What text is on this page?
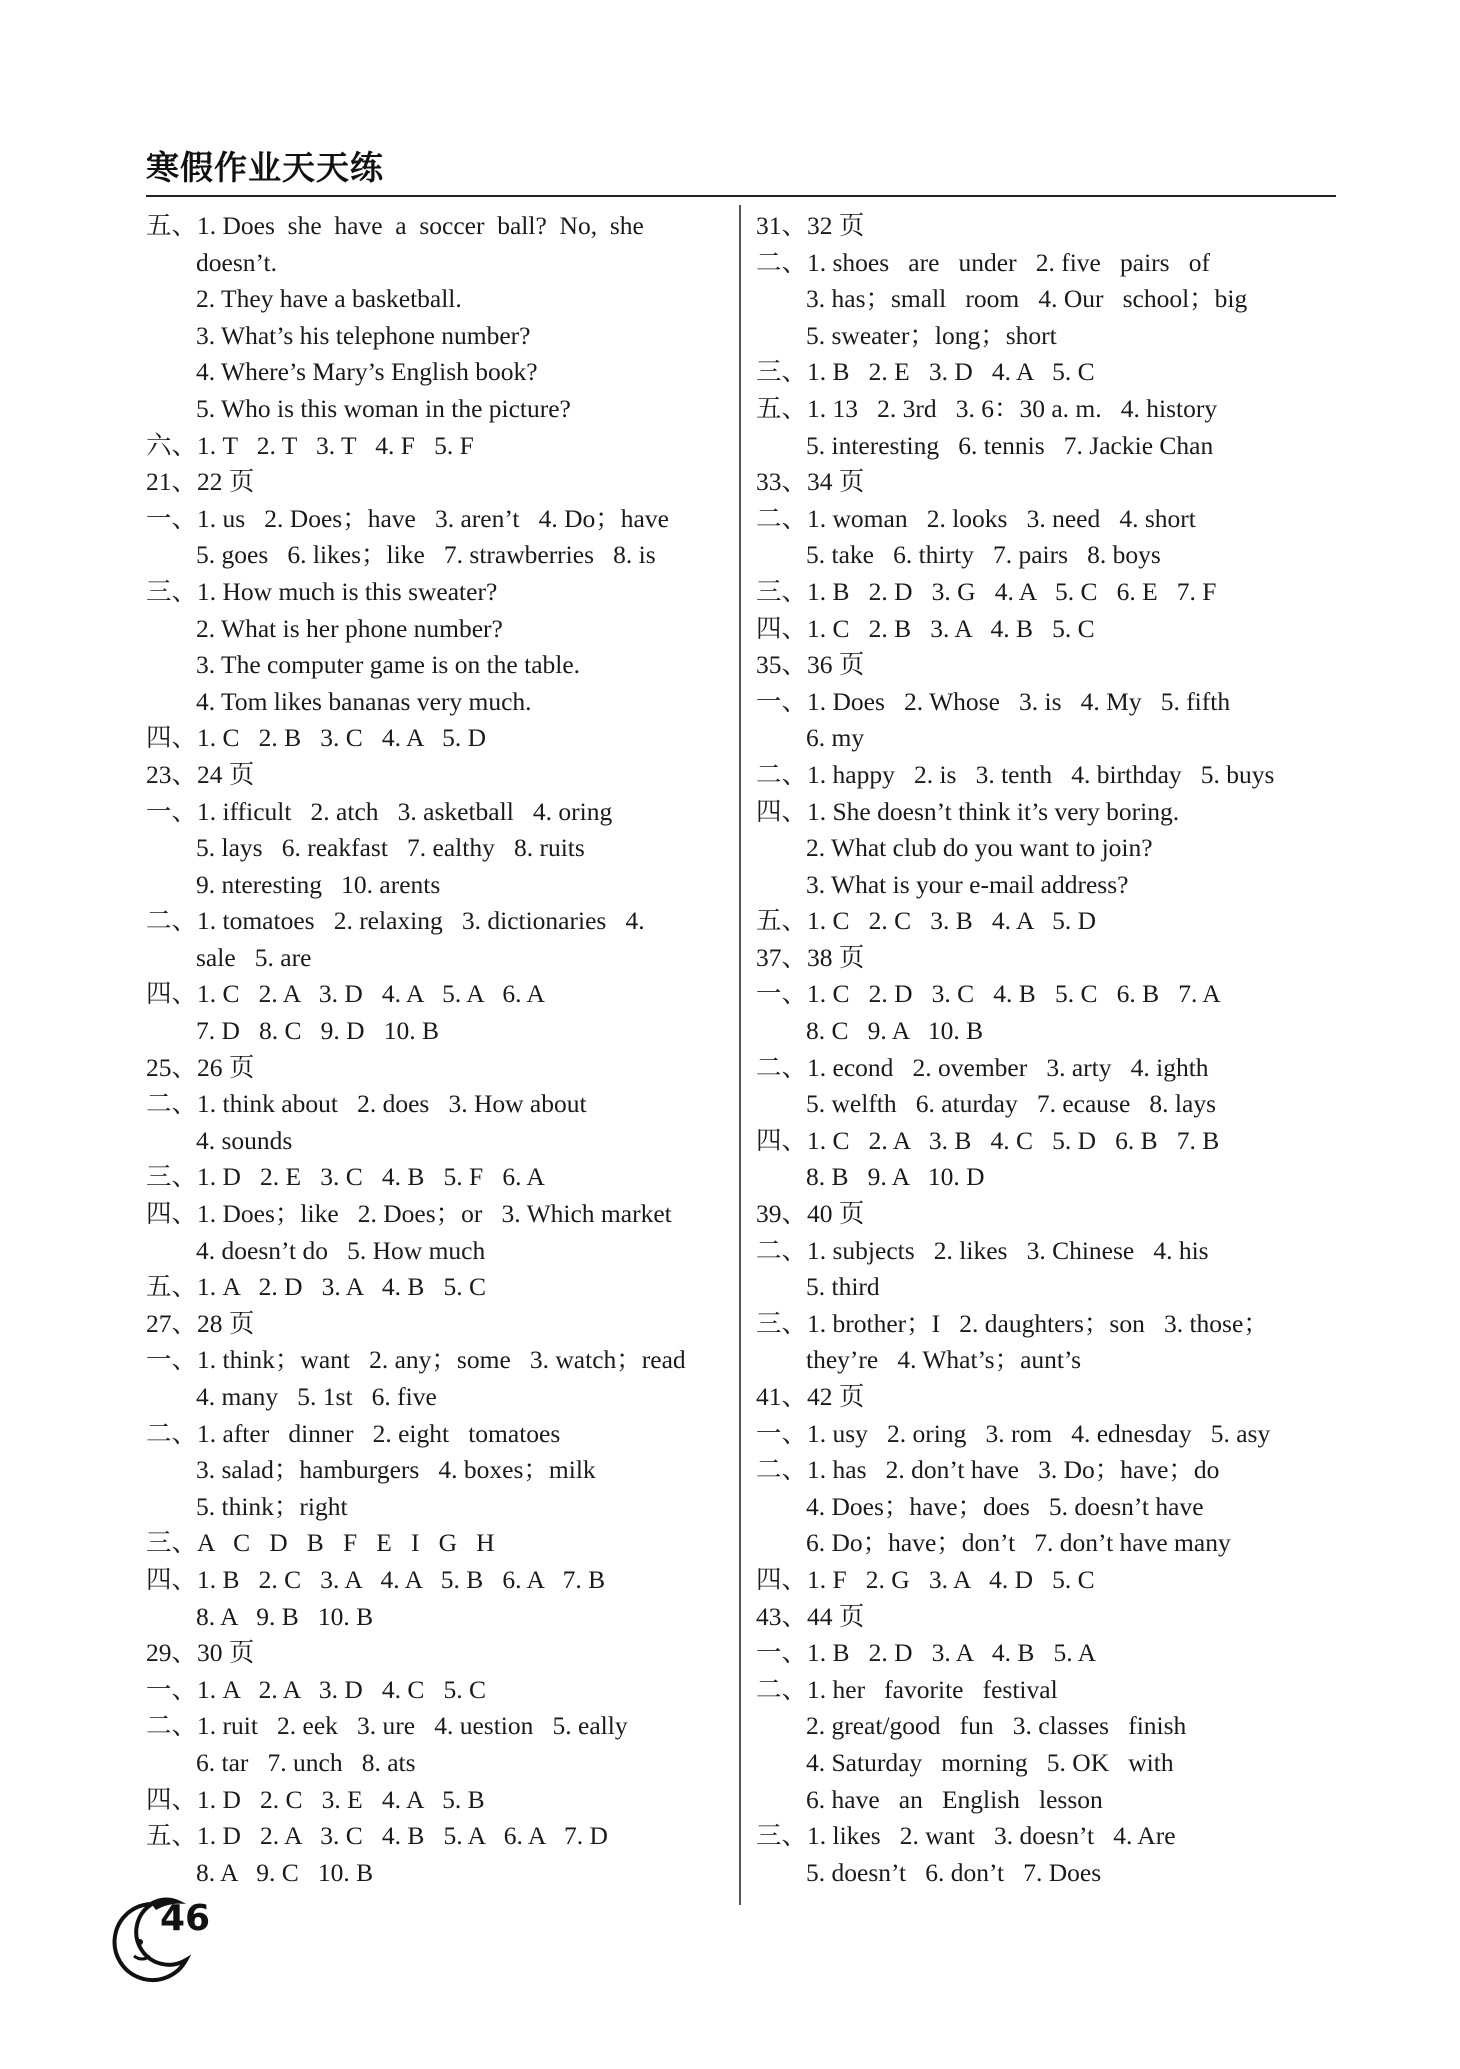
寒假作业天天练
五、1. Does  she  have  a  soccer  ball?  No,  she
doesn’t.
2. They have a basketball.
3. What’s his telephone number?
4. Where’s Mary’s English book?
5. Who is this woman in the picture?
六、1. T   2. T   3. T   4. F   5. F
21、22 页
一、1. us   2. Does；have   3. aren’t   4. Do；have
5. goes   6. likes；like   7. strawberries   8. is
三、1. How much is this sweater?
2. What is her phone number?
3. The computer game is on the table.
4. Tom likes bananas very much.
四、1. C   2. B   3. C   4. A   5. D
23、24 页
一、1. ifficult   2. atch   3. asketball   4. oring
5. lays   6. reakfast   7. ealthy   8. ruits
9. nteresting   10. arents
二、1. tomatoes   2. relaxing   3. dictionaries   4.
sale   5. are
四、1. C   2. A   3. D   4. A   5. A   6. A
7. D   8. C   9. D   10. B
25、26 页
二、1. think about   2. does   3. How about
4. sounds
三、1. D   2. E   3. C   4. B   5. F   6. A
四、1. Does；like   2. Does；or   3. Which market
4. doesn’t do   5. How much
五、1. A   2. D   3. A   4. B   5. C
27、28 页
一、1. think；want   2. any；some   3. watch；read
4. many   5. 1st   6. five
二、1. after   dinner   2. eight   tomatoes
3. salad；hamburgers   4. boxes；milk
5. think；right
三、A   C   D   B   F   E   I   G   H
四、1. B   2. C   3. A   4. A   5. B   6. A   7. B
8. A   9. B   10. B
29、30 页
一、1. A   2. A   3. D   4. C   5. C
二、1. ruit   2. eek   3. ure   4. uestion   5. eally
6. tar   7. unch   8. ats
四、1. D   2. C   3. E   4. A   5. B
五、1. D   2. A   3. C   4. B   5. A   6. A   7. D
8. A   9. C   10. B
31、32 页
二、1. shoes   are   under   2. five   pairs   of
3. has；small   room   4. Our   school；big
5. sweater；long；short
三、1. B   2. E   3. D   4. A   5. C
五、1. 13   2. 3rd   3. 6：30 a. m.   4. history
5. interesting   6. tennis   7. Jackie Chan
33、34 页
二、1. woman   2. looks   3. need   4. short
5. take   6. thirty   7. pairs   8. boys
三、1. B   2. D   3. G   4. A   5. C   6. E   7. F
四、1. C   2. B   3. A   4. B   5. C
35、36 页
一、1. Does   2. Whose   3. is   4. My   5. fifth
6. my
二、1. happy   2. is   3. tenth   4. birthday   5. buys
四、1. She doesn’t think it’s very boring.
2. What club do you want to join?
3. What is your e-mail address?
五、1. C   2. C   3. B   4. A   5. D
37、38 页
一、1. C   2. D   3. C   4. B   5. C   6. B   7. A
8. C   9. A   10. B
二、1. econd   2. ovember   3. arty   4. ighth
5. welfth   6. aturday   7. ecause   8. lays
四、1. C   2. A   3. B   4. C   5. D   6. B   7. B
8. B   9. A   10. D
39、40 页
二、1. subjects   2. likes   3. Chinese   4. his
5. third
三、1. brother；I   2. daughters；son   3. those；
they’re   4. What’s；aunt’s
41、42 页
一、1. usy   2. oring   3. rom   4. ednesday   5. asy
二、1. has   2. don’t have   3. Do；have；do
4. Does；have；does   5. doesn’t have
6. Do；have；don’t   7. don’t have many
四、1. F   2. G   3. A   4. D   5. C
43、44 页
一、1. B   2. D   3. A   4. B   5. A
二、1. her   favorite   festival
2. great/good   fun   3. classes   finish
4. Saturday   morning   5. OK   with
6. have   an   English   lesson
三、1. likes   2. want   3. doesn’t   4. Are
5. doesn’t   6. don’t   7. Does
46
